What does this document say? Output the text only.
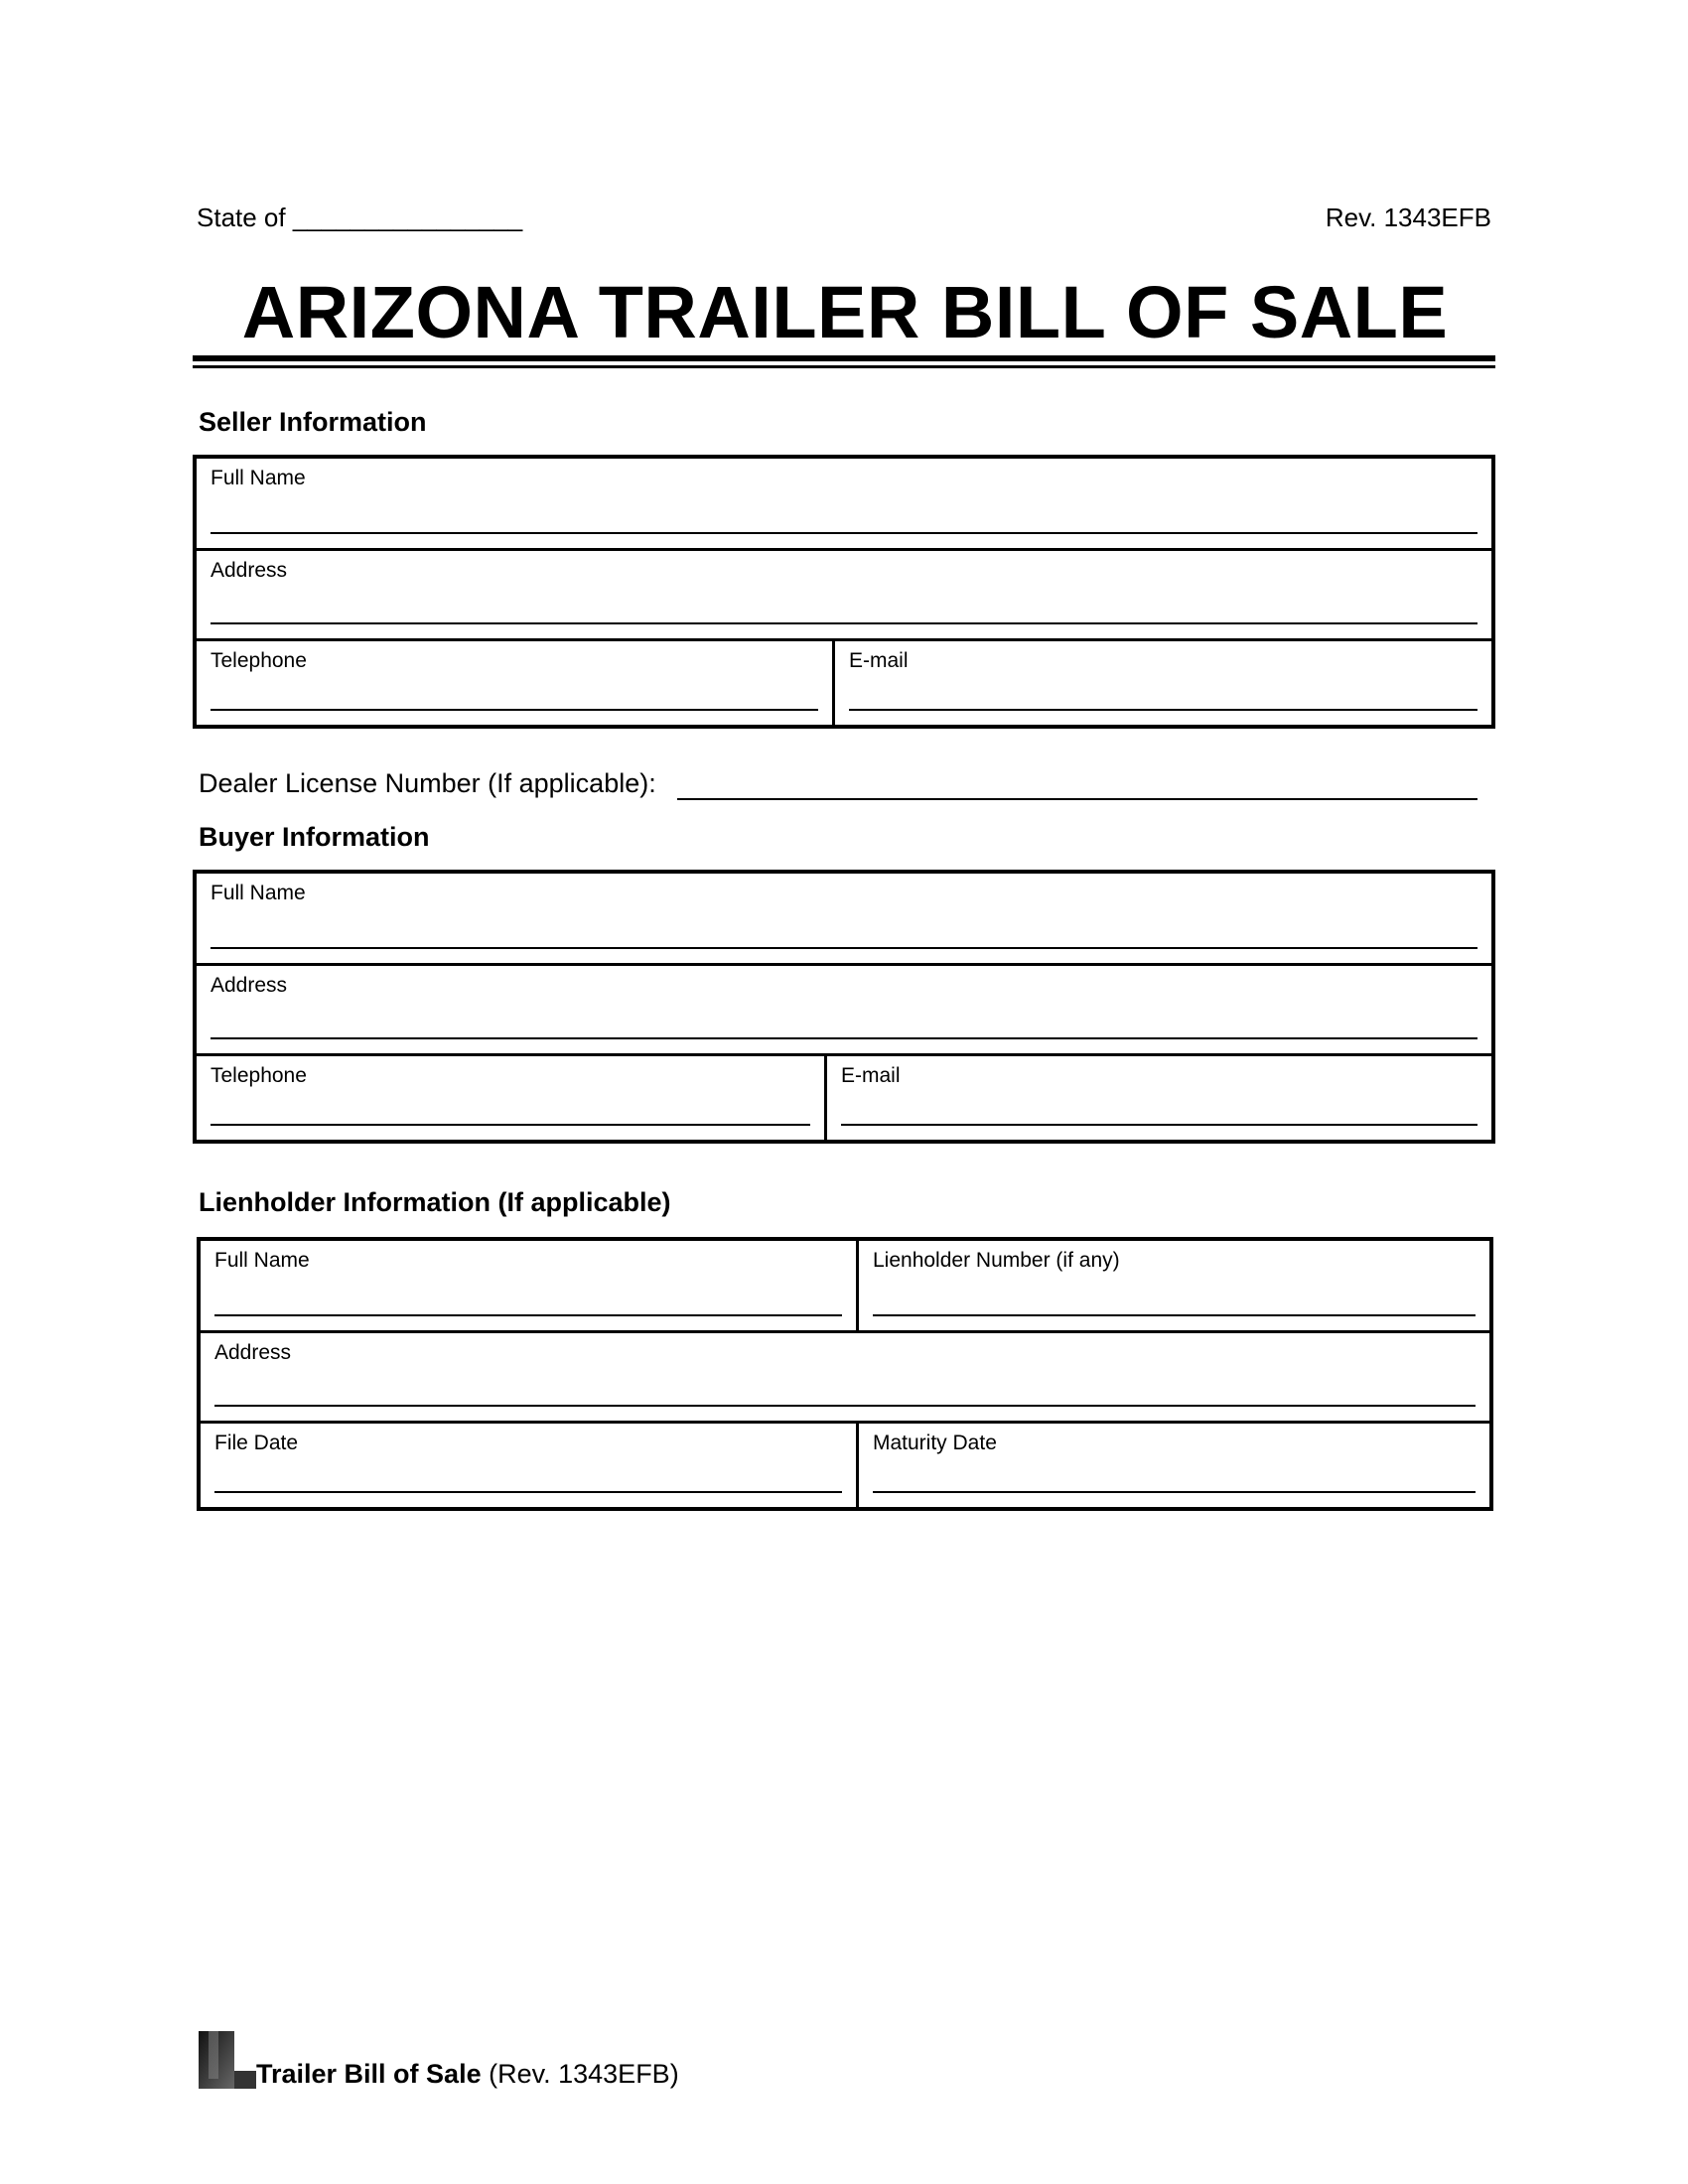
State of ________________	Rev. 1343EFB
ARIZONA TRAILER BILL OF SALE
Seller Information
Full Name
Address
Telephone	E-mail
Dealer License Number (If applicable):
Buyer Information
Full Name
Address
Telephone	E-mail
Lienholder Information (If applicable)
Full Name	Lienholder Number (if any)
Address
File Date	Maturity Date
Trailer Bill of Sale (Rev. 1343EFB)
